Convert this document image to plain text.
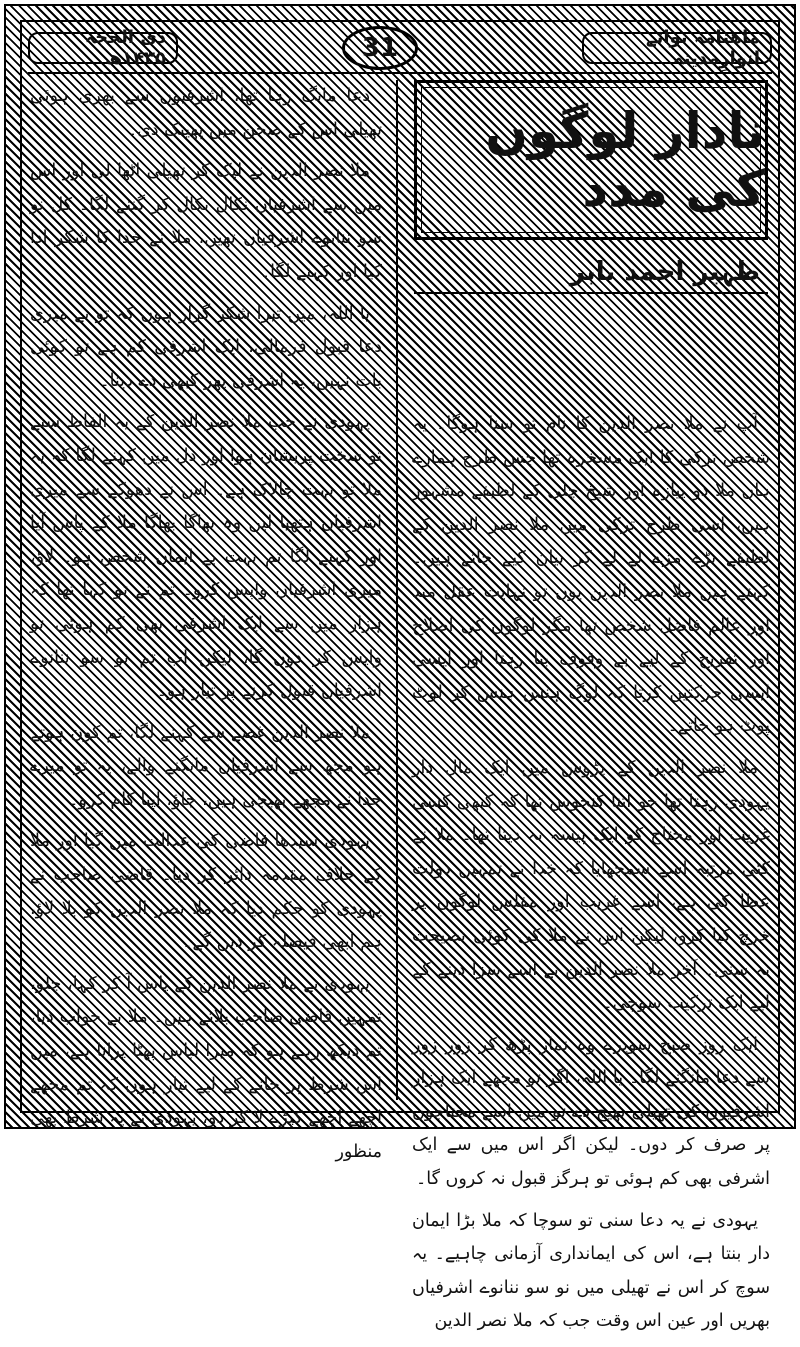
ذی الحجہ ۱۴۳۵ھ	31	ماھنامہ نوائے انوارِمدینہ
نادار لوگوں کی مدد
ظہیر احمد بابر

آپ نے ملا نصر الدین کا نام تو سنا ہوگا۔ یہ شخص ترکی کا ایک مسخرہ تھا جس طرح ہمارے ہاں ملا دو پیازہ اور شیخ چلی کے لطیفے مشہور ہیں، اسی طرح ترکی میں ملا نصر الدین کے لطیفے بڑے مزے لے لے کر بیان کیے جاتے ہیں۔ کہتے ہیں ملا نصر الدین یوں تو نہایت عقل مند اور عالم فاضل شخص تھا مگر لوگوں کی اصلاح اور تفریح کے لیے بے وقوف بنا رہتا اور ایسی ایسی حرکتیں کرتا کہ لوگ ہنس ہنس کر لوٹ پوٹ ہو جاتے۔

ملا نصر الدین کے پڑوس میں ایک مال دار یہودی رہتا تھا جو اتنا کنجوس تھا کہ کبھی کسی غریب اور محتاج کو ایک پیسہ نہ دیتا تھا۔ ملا نے کئی مرتبہ اسے سمجھایا کہ خدا نے تمہیں دولت عطا کی ہے، اسے غریب اور مفلس لوگوں پر خرچ کیا کرو، لیکن اس نے ملا کی کوئی نصیحت نہ سنی۔ آخر ملا نصر الدین نے اسے سزا دینے کے لیے ایک ترکیب سوچی۔

ایک روز صبح سویرے وہ نماز پڑھ کر زور زور سے دعا مانگنے لگا۔ یا اللہ، اگر تو مجھے ایک ہزار اشرفیوں کی تھیلی بھیج دے تو میں اسے محتاجوں پر صرف کر دوں۔ لیکن اگر اس میں سے ایک اشرفی بھی کم ہوئی تو ہرگز قبول نہ کروں گا۔

یہودی نے یہ دعا سنی تو سوچا کہ ملا بڑا ایمان دار بنتا ہے، اس کی ایمانداری آزمانی چاہیے۔ یہ سوچ کر اس نے تھیلی میں نو سو ننانوے اشرفیاں بھریں اور عین اس وقت جب کہ ملا نصر الدین

دعا مانگ رہا تھا، اشرفیوں سے بھری ہوئی تھیلی اس کے صحن میں پھینک دی۔

ملا نصر الدین نے لپک کر تھیلی اٹھا لی اور اس میں سے اشرفیاں نکال نکال کر گننے لگا۔ کل نو سو ننانوے اشرفیاں تھیں، ملا نے خدا کا شکر ادا کیا اور کہنے لگا۔

یا اللہ، میں تیرا شکر گزار ہوں کہ تو نے میری دعا قبول فرمالی، ایک اشرفی کم ہے تو کوئی بات نہیں، یہ اشرفی پھر کبھی دے دینا۔

یہودی نے جب ملا نصر الدین کے یہ الفاظ سنے تو سخت پریشان ہوا اور دل میں کہنے لگا کہ یہ ملا تو بہت چالاک ہے۔ اس نے دھوکے سے میری اشرفیاں ہتھیا لیں وہ بھاگا بھاگا ملا کے پاس آیا اور کہنے لگا تم بہت بے ایمان شخص ہو۔ لاؤ، میری اشرفیاں واپس کرو۔ تم نے تو کہا تھا کہ ہزار میں سے ایک اشرفی بھی کم ہوئی تو واپس کر دوں گا، لیکن اب تم نو سو ننانوے اشرفیاں قبول کرنے پر تیار ہو۔

ملا نصر الدین غصے سے کہنے لگا، تم کون ہوتے ہو مجھ سے اشرفیاں مانگنے والے، یہ تو میرے خدا نے مجھے بھیجی ہیں، جاؤ، اپنا کام کرو۔

یہودی سیدھا قاضی کی عدالت میں گیا اور ملا کے خلاف مقدمہ دائر کر دیا۔ قاضی صاحب نے یہودی کو حکم دیا کہ ملا نصر الدین کو بلا لاؤ، ہم ابھی فیصلہ کر دیں گے۔

یہودی نے ملا نصر الدین کے پاس آ کر کہا، چلو، تمہیں قاضی صاحب بلاتے ہیں۔ ملا نے جواب دیا، تم دیکھ رہے ہو کہ میرا لباس پھٹا پرانا ہے، میں اس شرط پر جانے کے لیے تیار ہوں کہ تم مجھے اچھے اچھے کپڑے لا کر دو، یہودی نے یہ شرط بھی منظور
